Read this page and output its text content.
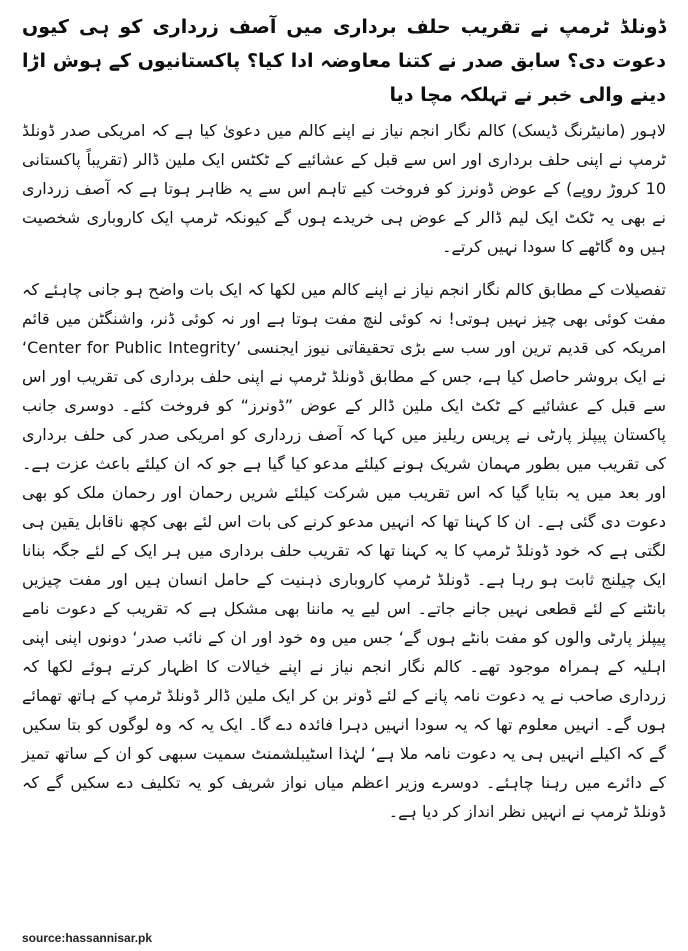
ڈونلڈ ٹرمپ نے تقریب حلف برداری میں آصف زرداری کو ہی کیوں دعوت دی؟ سابق صدر نے کتنا معاوضہ ادا کیا؟ پاکستانیوں کے ہوش اڑا دینے والی خبر نے تہلکہ مچا دیا

لاہور (مانیٹرنگ ڈیسک) کالم نگار انجم نیاز نے اپنے کالم میں دعویٰ کیا ہے کہ امریکی صدر ڈونلڈ ٹرمپ نے اپنی حلف برداری اور اس سے قبل کے عشائیے کے ٹکٹس ایک ملین ڈالر (تقریباً پاکستانی 10 کروڑ روپے) کے عوض ڈونرز کو فروخت کیے تاہم اس سے یہ ظاہر ہوتا ہے کہ آصف زرداری نے بھی یہ ٹکٹ ایک لیم ڈالر کے عوض ہی خریدے ہوں گے کیونکہ ٹرمپ ایک کاروباری شخصیت ہیں وہ گاٹھے کا سودا نہیں کرتے۔

تفصیلات کے مطابق کالم نگار انجم نیاز نے اپنے کالم میں لکھا کہ ایک بات واضح ہو جانی چاہئے کہ مفت کوئی بھی چیز نہیں ہوتی! نہ کوئی لنچ مفت ہوتا ہے اور نہ کوئی ڈنر، واشنگٹن میں قائم امریکہ کی قدیم ترین اور سب سے بڑی تحقیقاتی نیوز ایجنسی ’Center for Public Integrity‘ نے ایک بروشر حاصل کیا ہے، جس کے مطابق ڈونلڈ ٹرمپ نے اپنی حلف برداری کی تقریب اور اس سے قبل کے عشائیے کے ٹکٹ ایک ملین ڈالر کے عوض ”ڈونرز“ کو فروخت کئے۔ دوسری جانب پاکستان پیپلز پارٹی نے پریس ریلیز میں کہا کہ آصف زرداری کو امریکی صدر کی حلف برداری کی تقریب میں بطور مہمان شریک ہونے کیلئے مدعو کیا گیا ہے جو کہ ان کیلئے باعث عزت ہے۔ اور بعد میں یہ بتایا گیا کہ اس تقریب میں شرکت کیلئے شریں رحمان اور رحمان ملک کو بھی دعوت دی گئی ہے۔ ان کا کہنا تھا کہ انہیں مدعو کرنے کی بات اس لئے بھی کچھ ناقابل یقین ہی لگتی ہے کہ خود ڈونلڈ ٹرمپ کا یہ کہنا تھا کہ تقریب حلف برداری میں ہر ایک کے لئے جگہ بنانا ایک چیلنج ثابت ہو رہا ہے۔ ڈونلڈ ٹرمپ کاروباری ذہنیت کے حامل انسان ہیں اور مفت چیزیں بانٹنے کے لئے قطعی نہیں جانے جاتے۔ اس لیے یہ ماننا بھی مشکل ہے کہ تقریب کے دعوت نامے پیپلز پارٹی والوں کو مفت بانٹے ہوں گے‘ جس میں وہ خود اور ان کے نائب صدر‘ دونوں اپنی اپنی اہلیہ کے ہمراہ موجود تھے۔ کالم نگار انجم نیاز نے اپنے خیالات کا اظہار کرتے ہوئے لکھا کہ زرداری صاحب نے یہ دعوت نامہ پانے کے لئے ڈونر بن کر ایک ملین ڈالر ڈونلڈ ٹرمپ کے ہاتھ تھمائے ہوں گے۔ انہیں معلوم تھا کہ یہ سودا انہیں دہرا فائدہ دے گا۔ ایک یہ کہ وہ لوگوں کو بتا سکیں گے کہ اکیلے انہیں ہی یہ دعوت نامہ ملا ہے‘ لہٰذا اسٹیبلشمنٹ سمیت سبھی کو ان کے ساتھ تمیز کے دائرے میں رہنا چاہئے۔ دوسرے وزیر اعظم میاں نواز شریف کو یہ تکلیف دے سکیں گے کہ ڈونلڈ ٹرمپ نے انہیں نظر انداز کر دیا ہے۔

source:hassannisar.pk
